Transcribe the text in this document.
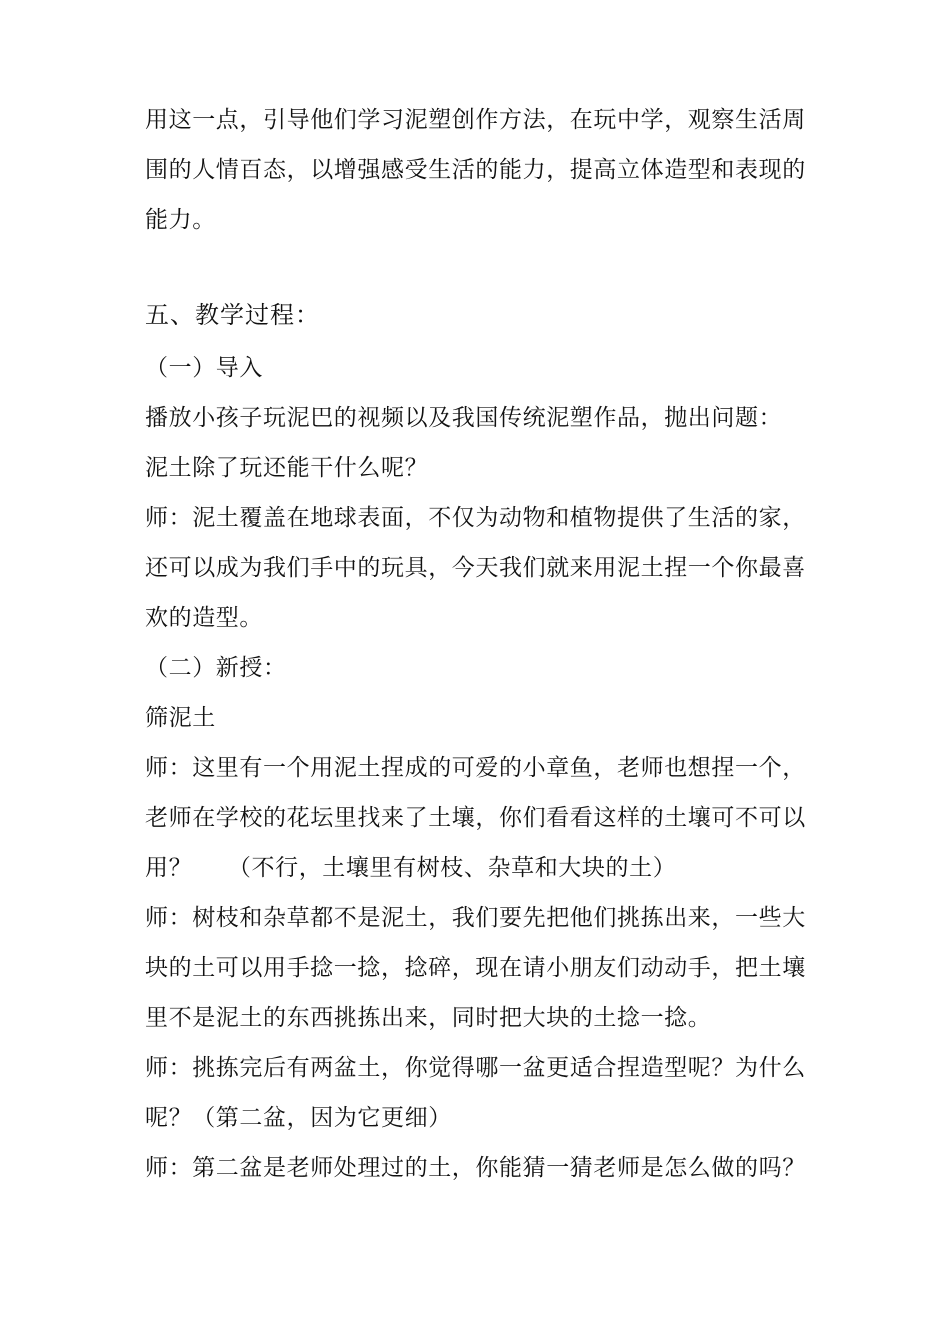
用这一点，引导他们学习泥塑创作方法，在玩中学，观察生活周
围的人情百态，以增强感受生活的能力，提高立体造型和表现的
能力。
五、教学过程：
（一）导入
播放小孩子玩泥巴的视频以及我国传统泥塑作品，抛出问题：
泥土除了玩还能干什么呢？
师：泥土覆盖在地球表面，不仅为动物和植物提供了生活的家，
还可以成为我们手中的玩具，今天我们就来用泥土捏一个你最喜
欢的造型。
（二）新授：
筛泥土
师：这里有一个用泥土捏成的可爱的小章鱼，老师也想捏一个，
老师在学校的花坛里找来了土壤，你们看看这样的土壤可不可以
用？　　（不行，土壤里有树枝、杂草和大块的土）
师：树枝和杂草都不是泥土，我们要先把他们挑拣出来，一些大
块的土可以用手捻一捻，捻碎，现在请小朋友们动动手，把土壤
里不是泥土的东西挑拣出来，同时把大块的土捻一捻。
师：挑拣完后有两盆土，你觉得哪一盆更适合捏造型呢？为什么
呢？（第二盆，因为它更细）
师：第二盆是老师处理过的土，你能猜一猜老师是怎么做的吗？
